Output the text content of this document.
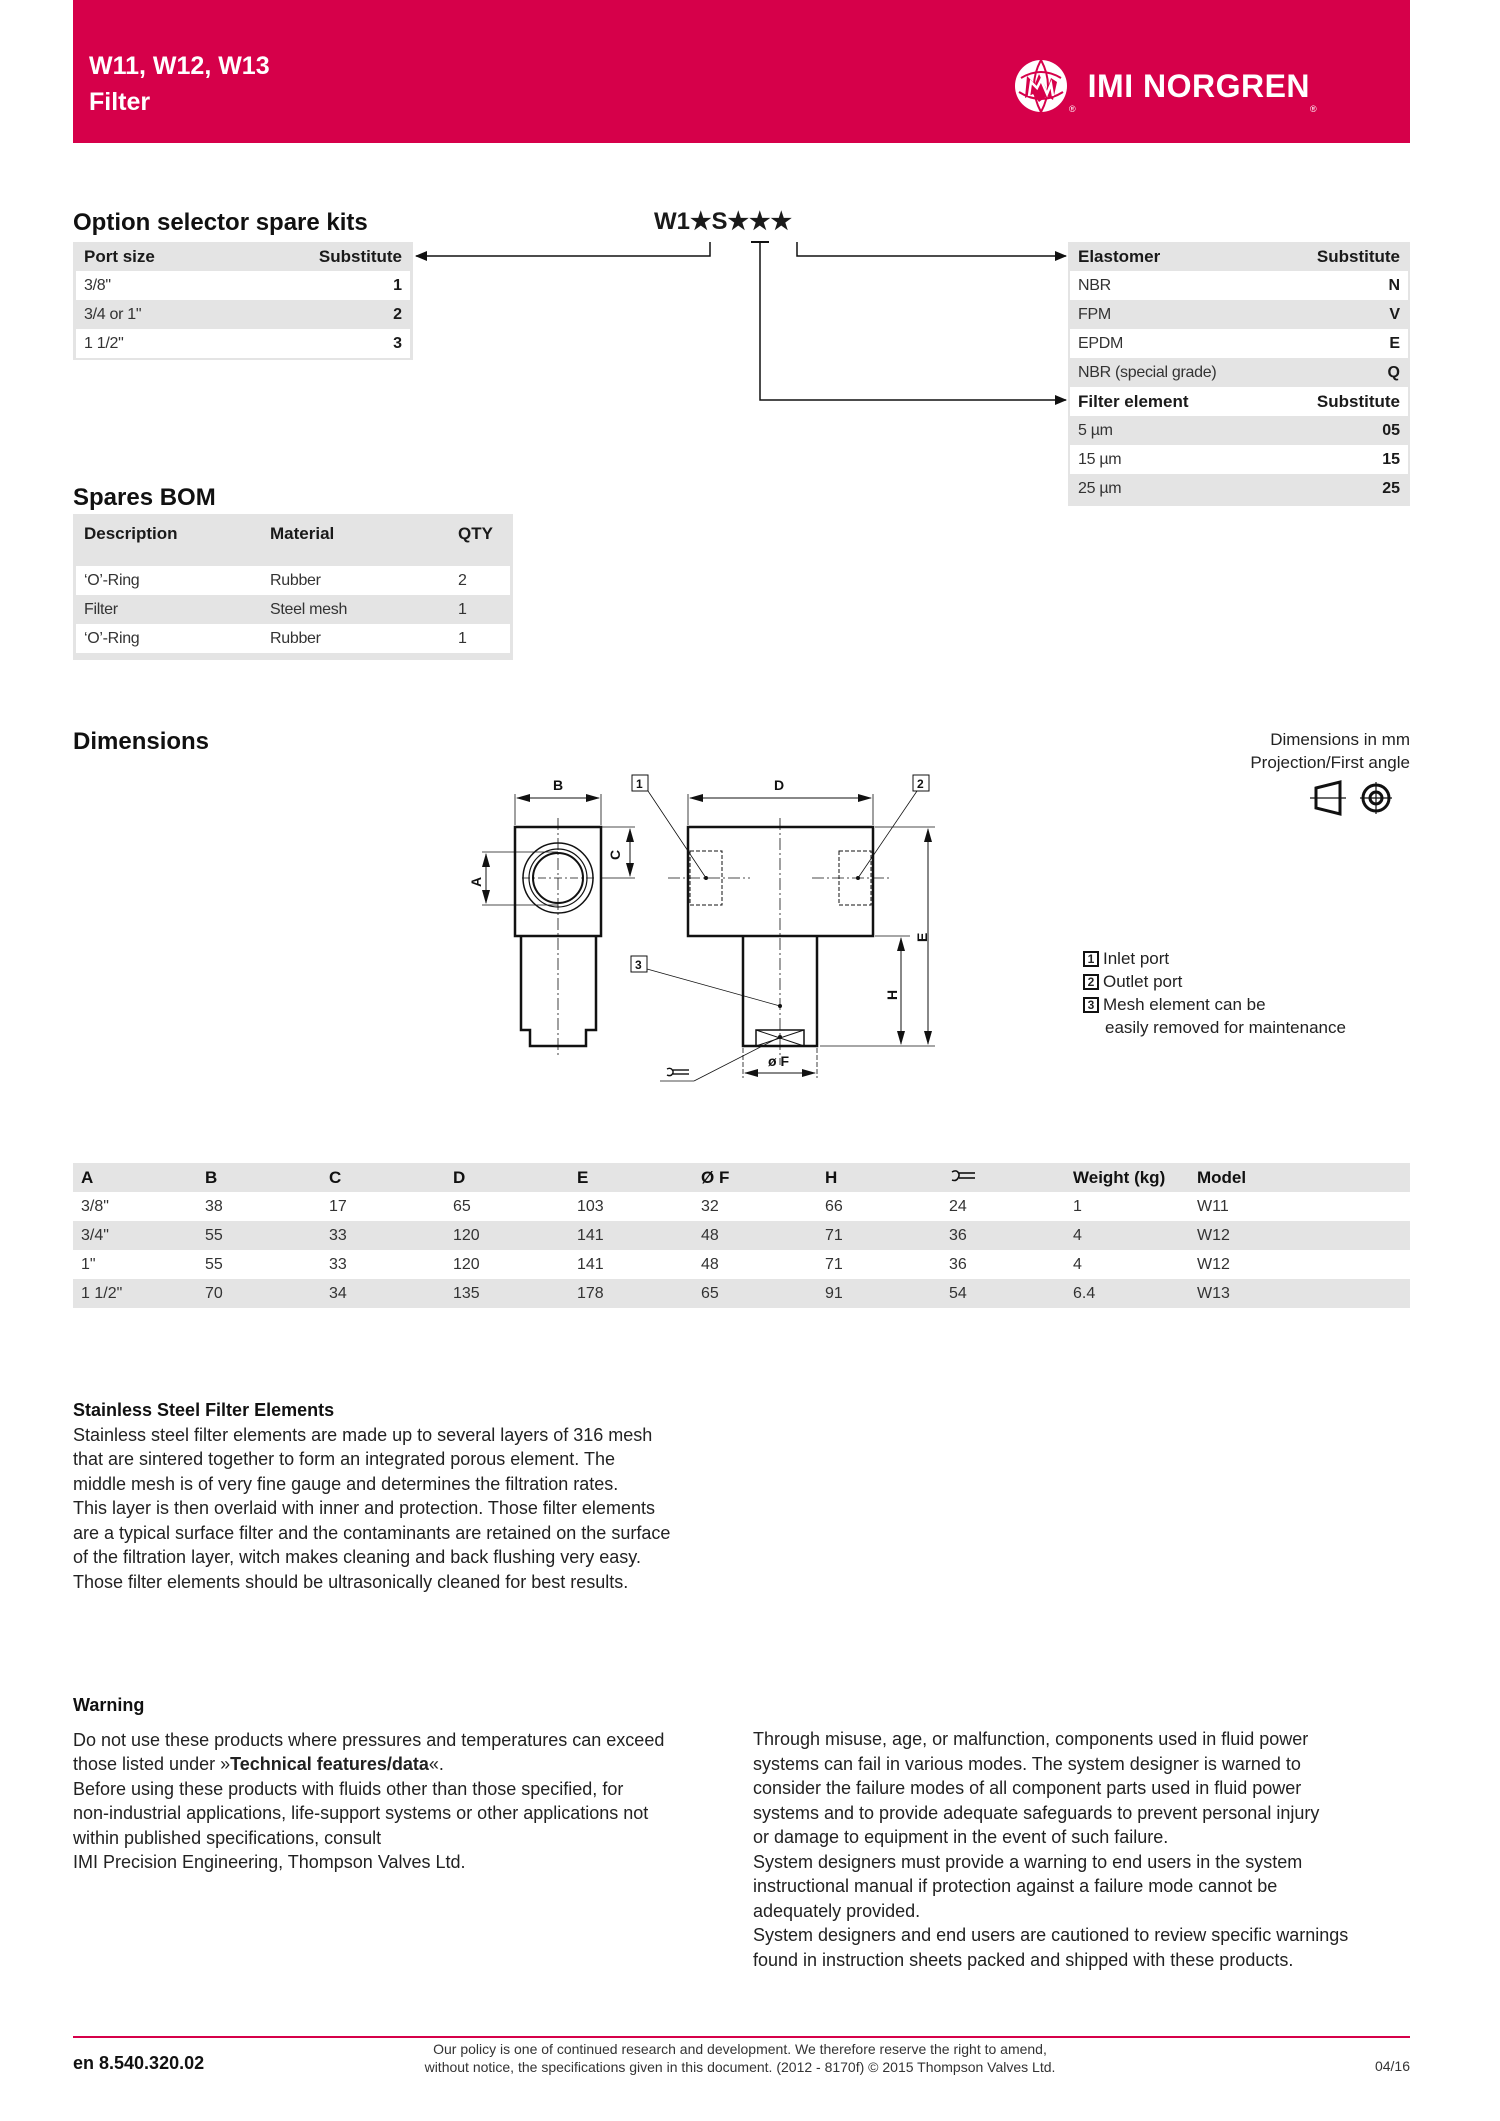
W11, W12, W13
Filter	®
IMI NORGREN
®
Option selector spare kits	W1★S★★★
Port size	Substitute
3/8"	1
3/4 or 1"	2
1 1/2"	3
Elastomer	Substitute
NBR	N
FPM	V
EPDM	E
NBR (special grade)	Q
Filter element	Substitute
5 µm	05
15 µm	15
25 µm	25
Spares BOM
Description	Material	QTY
‘O’-Ring	Rubber	2
Filter	Steel mesh	1
‘O’-Ring	Rubber	1
Dimensions	Dimensions in mm
Projection/First angle
B	D
C
A
E
H
ø F
1	2
3	1 Inlet port
2 Outlet port
3 Mesh element can be
easily removed for maintenance
A	B	C	D	E	Ø F	H		Weight (kg)	Model
3/8"	38	17	65	103	32	66	24	1	W11
3/4"	55	33	120	141	48	71	36	4	W12
1"	55	33	120	141	48	71	36	4	W12
1 1/2"	70	34	135	178	65	91	54	6.4	W13
Stainless Steel Filter Elements

Stainless steel filter elements are made up to several layers of 316 mesh
that are sintered together to form an integrated porous element. The
middle mesh is of very fine gauge and determines the filtration rates.
This layer is then overlaid with inner and protection. Those filter elements
are a typical surface filter and the contaminants are retained on the surface
of the filtration layer, witch makes cleaning and back flushing very easy.
Those filter elements should be ultrasonically cleaned for best results.

Warning

Do not use these products where pressures and temperatures can exceed
those listed under »Technical features/data«.
Before using these products with fluids other than those specified, for
non-industrial applications, life-support systems or other applications not
within published specifications, consult
IMI Precision Engineering, Thompson Valves Ltd.

Through misuse, age, or malfunction, components used in fluid power
systems can fail in various modes. The system designer is warned to
consider the failure modes of all component parts used in fluid power
systems and to provide adequate safeguards to prevent personal injury
or damage to equipment in the event of such failure.
System designers must provide a warning to end users in the system
instructional manual if protection against a failure mode cannot be
adequately provided.
System designers and end users are cautioned to review specific warnings
found in instruction sheets packed and shipped with these products.

en 8.540.320.02
Our policy is one of continued research and development. We therefore reserve the right to amend,
without notice, the specifications given in this document. (2012 - 8170f) © 2015 Thompson Valves Ltd.	04/16
